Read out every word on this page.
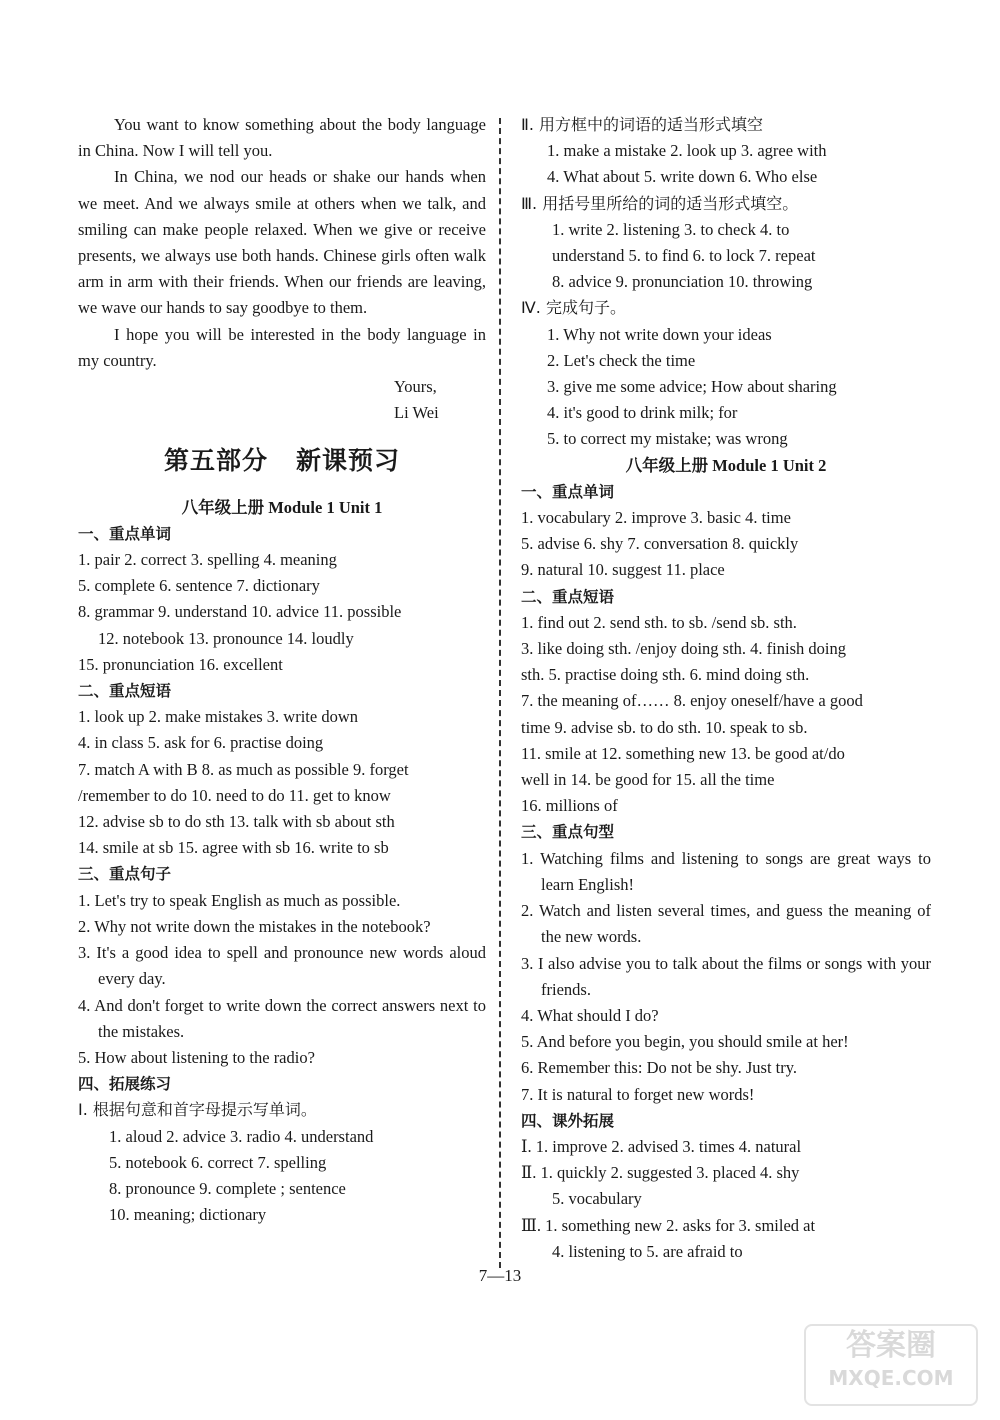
You want to know something about the body language in China. Now I will tell you.

In China, we nod our heads or shake our hands when we meet. And we always smile at others when we talk, and smiling can make people relaxed. When we give or receive presents, we always use both hands. Chinese girls often walk arm in arm with their friends. When our friends are leaving, we wave our hands to say goodbye to them.

I hope you will be interested in the body language in my country.

Yours,

Li Wei

第五部分 新课预习

八年级上册 Module 1 Unit 1

一、重点单词

1. pair 2. correct 3. spelling 4. meaning

5. complete 6. sentence 7. dictionary

8. grammar 9. understand 10. advice 11. possible

12. notebook 13. pronounce 14. loudly

15. pronunciation 16. excellent

二、重点短语

1. look up 2. make mistakes 3. write down

4. in class 5. ask for 6. practise doing

7. match A with B 8. as much as possible 9. forget

/remember to do 10. need to do 11. get to know

12. advise sb to do sth 13. talk with sb about sth

14. smile at sb 15. agree with sb 16. write to sb

三、重点句子

1. Let's try to speak English as much as possible.

2. Why not write down the mistakes in the notebook?

3. It's a good idea to spell and pronounce new words aloud every day.

4. And don't forget to write down the correct answers next to the mistakes.

5. How about listening to the radio?

四、拓展练习

Ⅰ. 根据句意和首字母提示写单词。

1. aloud 2. advice 3. radio 4. understand

5. notebook 6. correct 7. spelling

8. pronounce 9. complete ; sentence

10. meaning; dictionary

Ⅱ. 用方框中的词语的适当形式填空

1. make a mistake 2. look up 3. agree with

4. What about 5. write down 6. Who else

Ⅲ. 用括号里所给的词的适当形式填空。

1. write 2. listening 3. to check 4. to

understand 5. to find 6. to lock 7. repeat

8. advice 9. pronunciation 10. throwing

Ⅳ. 完成句子。

1. Why not write down your ideas

2. Let's check the time

3. give me some advice; How about sharing

4. it's good to drink milk; for

5. to correct my mistake; was wrong

八年级上册 Module 1 Unit 2

一、重点单词

1. vocabulary 2. improve 3. basic 4. time

5. advise 6. shy 7. conversation 8. quickly

9. natural 10. suggest 11. place

二、重点短语

1. find out 2. send sth. to sb. /send sb. sth.

3. like doing sth. /enjoy doing sth. 4. finish doing

sth. 5. practise doing sth. 6. mind doing sth.

7. the meaning of…… 8. enjoy oneself/have a good

time 9. advise sb. to do sth. 10. speak to sb.

11. smile at 12. something new 13. be good at/do

well in 14. be good for 15. all the time

16. millions of

三、重点句型

1. Watching films and listening to songs are great ways to learn English!

2. Watch and listen several times, and guess the meaning of the new words.

3. I also advise you to talk about the films or songs with your friends.

4. What should I do?

5. And before you begin, you should smile at her!

6. Remember this: Do not be shy. Just try.

7. It is natural to forget new words!

四、课外拓展

Ⅰ. 1. improve 2. advised 3. times 4. natural

Ⅱ. 1. quickly 2. suggested 3. placed 4. shy

5. vocabulary

Ⅲ. 1. something new 2. asks for 3. smiled at

4. listening to 5. are afraid to

7—13
答案圈
MXQE.COM
